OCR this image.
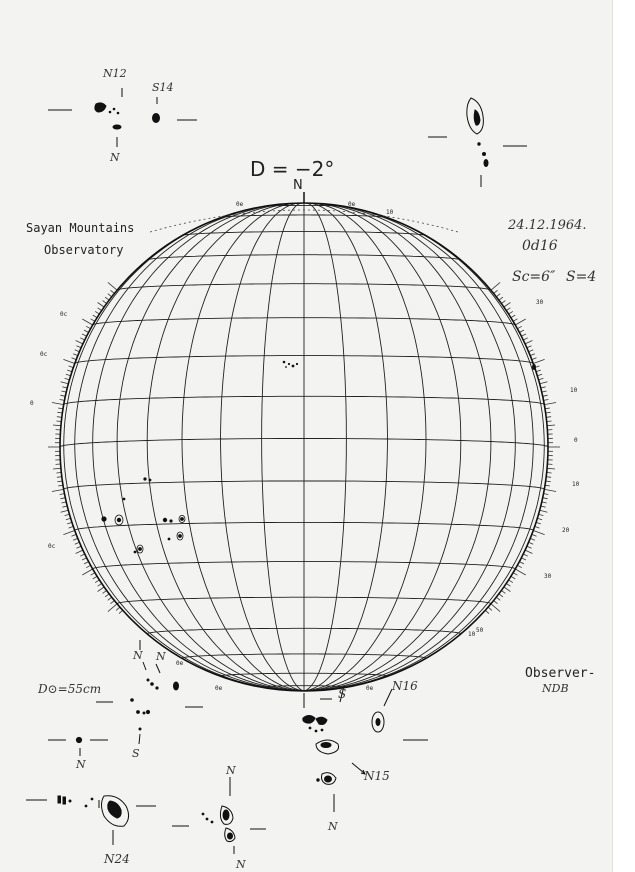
D = −2°
N
Sayan Mountains
Observatory
24.12.1964.
0d16
Sc=6″ S=4
Observer-
NDB
D⊙=55cm
0c
0c
0
0c
30
10
0
10
20
30
0e	0e
10
0e
10
0e
50
0e
N12
N
S14
N N
N
S
N24
N
N
N16
N15
S
N
